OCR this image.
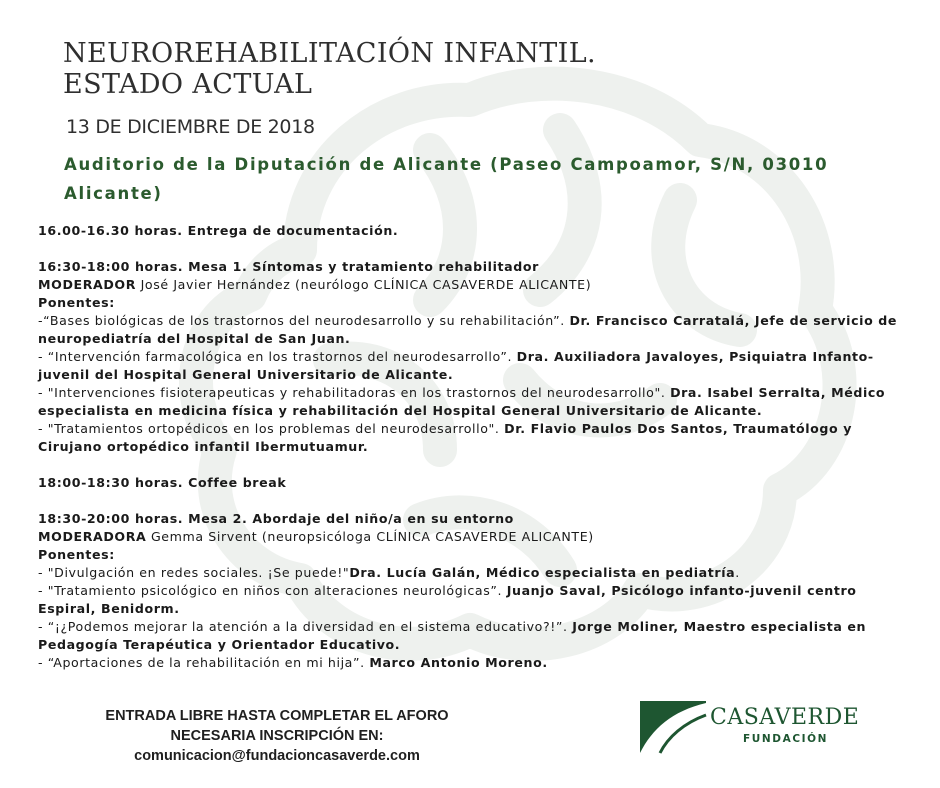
NEUROREHABILITACIÓN INFANTIL.
ESTADO ACTUAL
13 DE DICIEMBRE DE 2018

Auditorio de la Diputación de Alicante (Paseo Campoamor, S/N, 03010 Alicante)

16.00-16.30 horas. Entrega de documentación.

16:30-18:00 horas. Mesa 1. Síntomas y tratamiento rehabilitador

MODERADOR José Javier Hernández (neurólogo CLÍNICA CASAVERDE ALICANTE)

Ponentes:

-“Bases biológicas de los trastornos del neurodesarrollo y su rehabilitación”. Dr. Francisco Carratalá, Jefe de servicio de neuropediatría del Hospital de San Juan.

- “Intervención farmacológica en los trastornos del neurodesarrollo”. Dra. Auxiliadora Javaloyes, Psiquiatra Infanto-juvenil del Hospital General Universitario de Alicante.

- "Intervenciones fisioterapeuticas y rehabilitadoras en los trastornos del neurodesarrollo". Dra. Isabel Serralta, Médico especialista en medicina física y rehabilitación del Hospital General Universitario de Alicante.

- "Tratamientos ortopédicos en los problemas del neurodesarrollo". Dr. Flavio Paulos Dos Santos, Traumatólogo y Cirujano ortopédico infantil Ibermutuamur.

18:00-18:30 horas. Coffee break

18:30-20:00 horas. Mesa 2. Abordaje del niño/a en su entorno

MODERADORA Gemma Sirvent (neuropsicóloga CLÍNICA CASAVERDE ALICANTE)

Ponentes:

- "Divulgación en redes sociales. ¡Se puede!"Dra. Lucía Galán, Médico especialista en pediatría.

- "Tratamiento psicológico en niños con alteraciones neurológicas”. Juanjo Saval, Psicólogo infanto-juvenil centro Espiral, Benidorm.

- “¡¿Podemos mejorar la atención a la diversidad en el sistema educativo?!”. Jorge Moliner, Maestro especialista en Pedagogía Terapéutica y Orientador Educativo.

- “Aportaciones de la rehabilitación en mi hija”. Marco Antonio Moreno.

ENTRADA LIBRE HASTA COMPLETAR EL AFORO
NECESARIA INSCRIPCIÓN EN:
comunicacion@fundacioncasaverde.com
CASAVERDE
FUNDACIÓN
